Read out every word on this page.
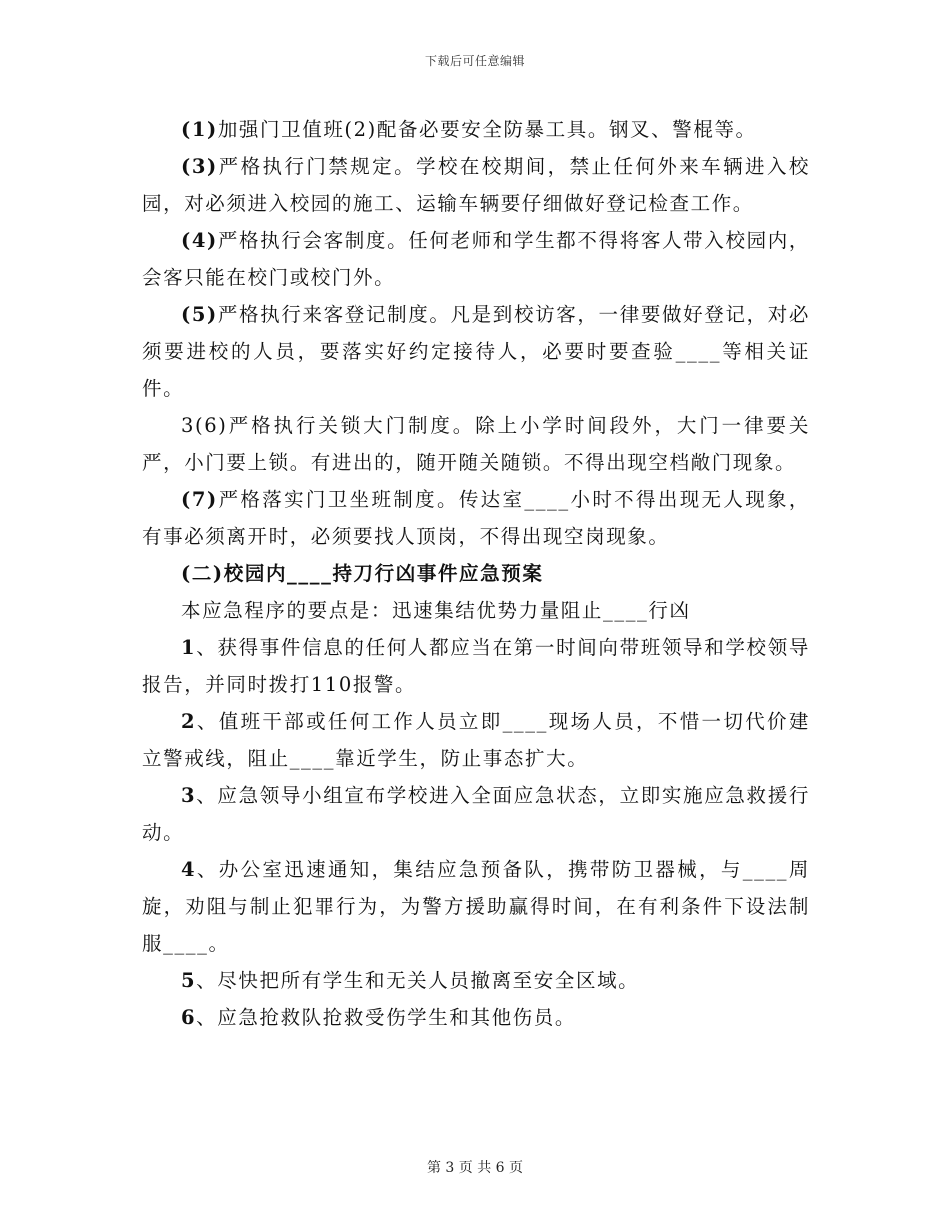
下载后可任意编辑

(1)加强门卫值班(2)配备必要安全防暴工具。钢叉、警棍等。

(3)严格执行门禁规定。学校在校期间，禁止任何外来车辆进入校园，对必须进入校园的施工、运输车辆要仔细做好登记检查工作。

(4)严格执行会客制度。任何老师和学生都不得将客人带入校园内，会客只能在校门或校门外。

(5)严格执行来客登记制度。凡是到校访客，一律要做好登记，对必须要进校的人员，要落实好约定接待人，必要时要查验____等相关证件。

3(6)严格执行关锁大门制度。除上小学时间段外，大门一律要关严，小门要上锁。有进出的，随开随关随锁。不得出现空档敞门现象。

(7)严格落实门卫坐班制度。传达室____小时不得出现无人现象，有事必须离开时，必须要找人顶岗，不得出现空岗现象。

(二)校园内____持刀行凶事件应急预案

本应急程序的要点是：迅速集结优势力量阻止____行凶

1、获得事件信息的任何人都应当在第一时间向带班领导和学校领导报告，并同时拨打110报警。

2、值班干部或任何工作人员立即____现场人员，不惜一切代价建立警戒线，阻止____靠近学生，防止事态扩大。

3、应急领导小组宣布学校进入全面应急状态，立即实施应急救援行动。

4、办公室迅速通知，集结应急预备队，携带防卫器械，与____周旋，劝阻与制止犯罪行为，为警方援助赢得时间，在有利条件下设法制服____。

5、尽快把所有学生和无关人员撤离至安全区域。

6、应急抢救队抢救受伤学生和其他伤员。

第 3 页 共 6 页
